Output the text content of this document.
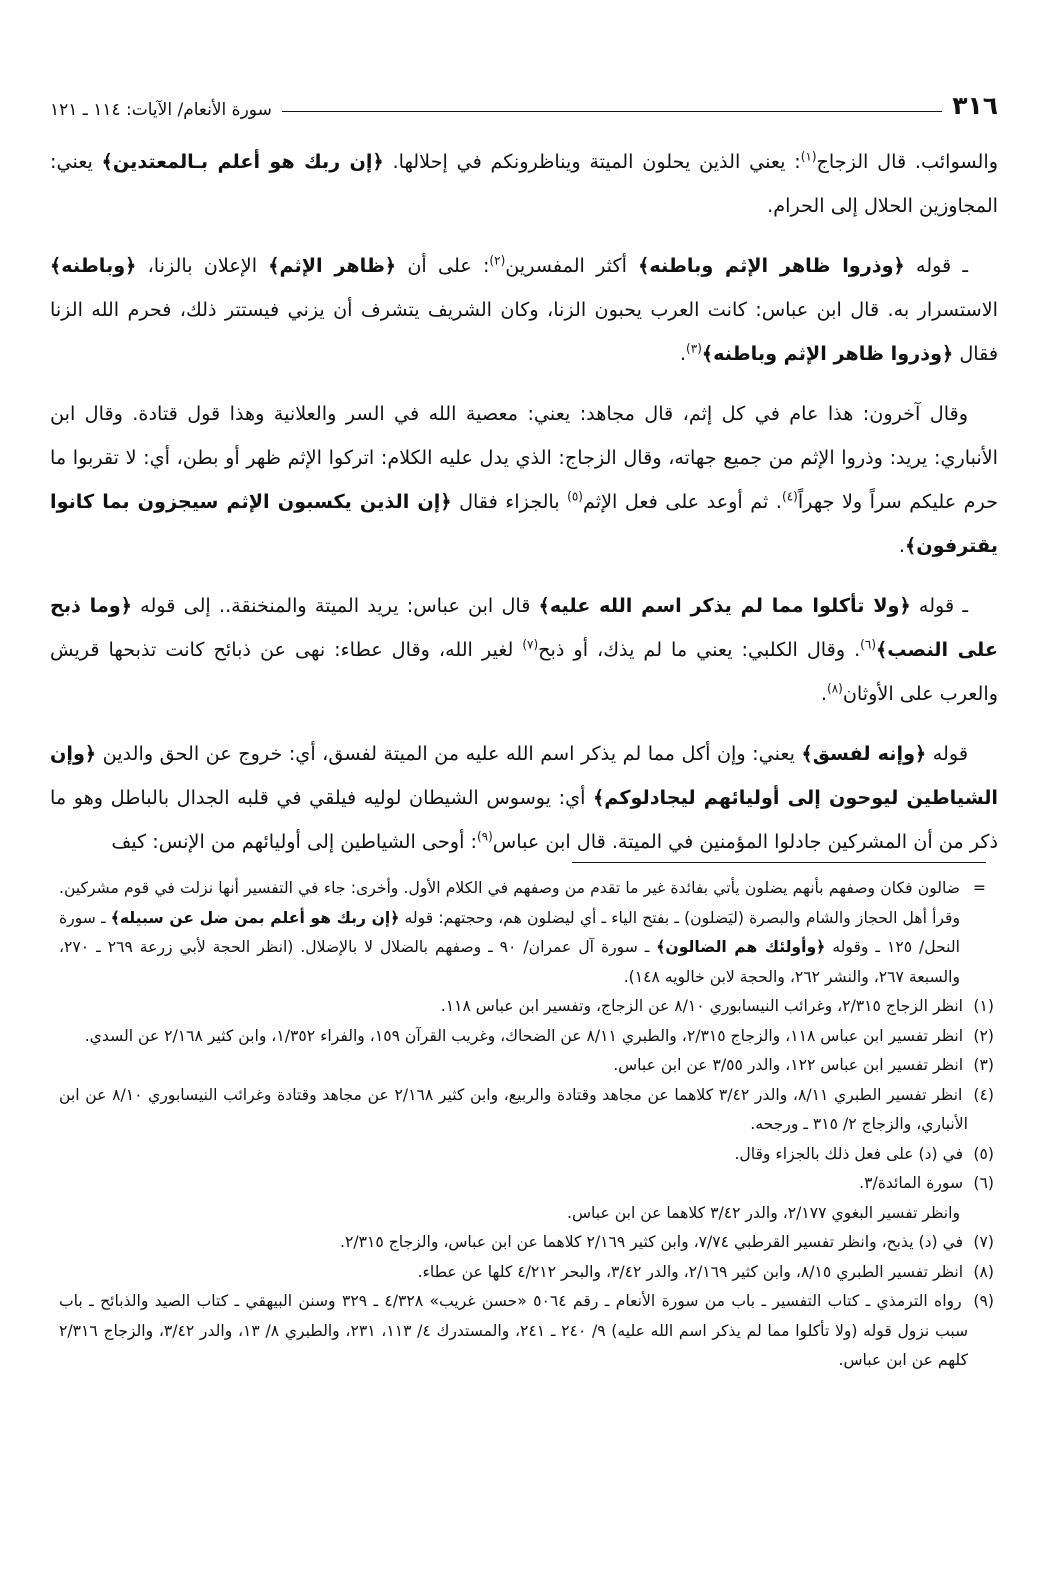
٣١٦
سورة الأنعام/ الآيات: ١١٤ ـ ١٢١

والسوائب. قال الزجاج$^{(١)}$: يعني الذين يحلون الميتة ويناظرونكم في إحلالها. ﴿إن ربك هو أعلم بـالمعتدين﴾ يعني: المجاوزين الحلال إلى الحرام.

ـ قوله ﴿وذروا ظاهر الإثم وباطنه﴾ أكثر المفسرين$^{(٢)}$: على أن ﴿ظاهر الإثم﴾ الإعلان بالزنا، ﴿وباطنه﴾ الاستسرار به. قال ابن عباس: كانت العرب يحبون الزنا، وكان الشريف يتشرف أن يزني فيستتر ذلك، فحرم الله الزنا فقال ﴿وذروا ظاهر الإثم وباطنه﴾$^{(٣)}$.

وقال آخرون: هذا عام في كل إثم، قال مجاهد: يعني: معصية الله في السر والعلانية وهذا قول قتادة. وقال ابن الأنباري: يريد: وذروا الإثم من جميع جهاته، وقال الزجاج: الذي يدل عليه الكلام: اتركوا الإثم ظهر أو بطن، أي: لا تقربوا ما حرم عليكم سراً ولا جهراً$^{(٤)}$. ثم أوعد على فعل الإثم$^{(٥)}$ بالجزاء فقال ﴿إن الذين يكسبون الإثم سيجزون بما كانوا يقترفون﴾.

ـ قوله ﴿ولا تأكلوا مما لم يذكر اسم الله عليه﴾ قال ابن عباس: يريد الميتة والمنخنقة.. إلى قوله ﴿وما ذبح على النصب﴾$^{(٦)}$. وقال الكلبي: يعني ما لم يذك، أو ذبح$^{(٧)}$ لغير الله، وقال عطاء: نهى عن ذبائح كانت تذبحها قريش والعرب على الأوثان$^{(٨)}$.

قوله ﴿وإنه لفسق﴾ يعني: وإن أكل مما لم يذكر اسم الله عليه من الميتة لفسق، أي: خروج عن الحق والدين ﴿وإن الشياطين ليوحون إلى أوليائهم ليجادلوكم﴾ أي: يوسوس الشيطان لوليه فيلقي في قلبه الجدال بالباطل وهو ما ذكر من أن المشركين جادلوا المؤمنين في الميتة. قال ابن عباس$^{(٩)}$: أوحى الشياطين إلى أوليائهم من الإنس: كيف

=ضالون فكان وصفهم بأنهم يضلون يأتي بفائدة غير ما تقدم من وصفهم في الكلام الأول. وأخرى: جاء في التفسير أنها نزلت في قوم مشركين. وقرأ أهل الحجاز والشام والبصرة (ليَضلون) ـ بفتح الياء ـ أي ليضلون هم، وحجتهم: قوله ﴿إن ربك هو أعلم بمن ضل عن سبيله﴾ ـ سورة النحل/ ١٢٥ ـ وقوله ﴿وأولئك هم الضالون﴾ ـ سورة آل عمران/ ٩٠ ـ وصفهم بالضلال لا بالإضلال. (انظر الحجة لأبي زرعة ٢٦٩ ـ ٢٧٠، والسبعة ٢٦٧، والنشر ٢٦٢، والحجة لابن خالويه ١٤٨).

(١) انظر الزجاج ٢/٣١٥، وغرائب النيسابوري ٨/١٠ عن الزجاج، وتفسير ابن عباس ١١٨.

(٢) انظر تفسير ابن عباس ١١٨، والزجاج ٢/٣١٥، والطبري ٨/١١ عن الضحاك، وغريب القرآن ١٥٩، والفراء ١/٣٥٢، وابن كثير ٢/١٦٨ عن السدي.

(٣) انظر تفسير ابن عباس ١٢٢، والدر ٣/٥٥ عن ابن عباس.

(٤) انظر تفسير الطبري ٨/١١، والدر ٣/٤٢ كلاهما عن مجاهد وقتادة والربيع، وابن كثير ٢/١٦٨ عن مجاهد وقتادة وغرائب النيسابوري ٨/١٠ عن ابن الأنباري، والزجاج ٢/ ٣١٥ ـ ورجحه.

(٥) في (د) على فعل ذلك بالجزاء وقال.

(٦) سورة المائدة/٣.

وانظر تفسير البغوي ٢/١٧٧، والدر ٣/٤٢ كلاهما عن ابن عباس.

(٧) في (د) يذبح، وانظر تفسير القرطبي ٧/٧٤، وابن كثير ٢/١٦٩ كلاهما عن ابن عباس، والزجاج ٢/٣١٥.

(٨) انظر تفسير الطبري ٨/١٥، وابن كثير ٢/١٦٩، والدر ٣/٤٢، والبحر ٤/٢١٢ كلها عن عطاء.

(٩) رواه الترمذي ـ كتاب التفسير ـ باب من سورة الأنعام ـ رقم ٥٠٦٤ «حسن غريب» ٤/٣٢٨ ـ ٣٢٩ وسنن البيهقي ـ كتاب الصيد والذبائح ـ باب سبب نزول قوله (ولا تأكلوا مما لم يذكر اسم الله عليه) ٩/ ٢٤٠ ـ ٢٤١، والمستدرك ٤/ ١١٣، ٢٣١، والطبري ٨/ ١٣، والدر ٣/٤٢، والزجاج ٢/٣١٦ كلهم عن ابن عباس.
